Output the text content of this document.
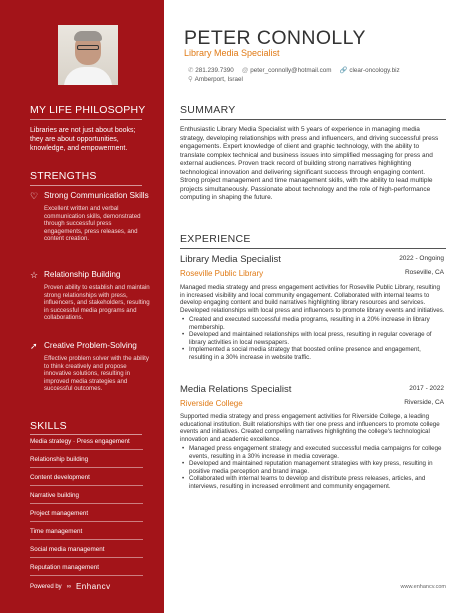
MY LIFE PHILOSOPHY
Libraries are not just about books; they are about opportunities, knowledge, and empowerment.
STRENGTHS
♡ Strong Communication Skills
Excellent written and verbal communication skills, demonstrated through successful press engagements, press releases, and content creation.
☆ Relationship Building
Proven ability to establish and maintain strong relationships with press, influencers, and stakeholders, resulting in successful media programs and collaborations.
➚ Creative Problem-Solving
Effective problem solver with the ability to think creatively and propose innovative solutions, resulting in improved media strategies and successful outcomes.
SKILLS
Media strategy · Press engagement
Relationship building
Content development
Narrative building
Project management
Time management
Social media management
Reputation management
Powered by ∞ Enhancv
PETER CONNOLLY
Library Media Specialist
✆ 281.239.7390 @ peter_connolly@hotmail.com 🔗 clear-oncology.biz
⚲ Amberport, Israel
SUMMARY
Enthusiastic Library Media Specialist with 5 years of experience in managing media strategy, developing relationships with press and influencers, and driving successful press engagements. Expert knowledge of client and graphic technology, with the ability to translate complex technical and business issues into simplified messaging for press and external audiences. Proven track record of building strong narratives highlighting technological innovation and delivering significant success through engaging content. Strong project management and time management skills, with the ability to lead multiple projects simultaneously. Passionate about technology and the role of high-performance computing in shaping the future.
EXPERIENCE
Library Media Specialist	2022 - Ongoing
Roseville Public Library	Roseville, CA
Managed media strategy and press engagement activities for Roseville Public Library, resulting in increased visibility and local community engagement. Collaborated with internal teams to develop engaging content and build narratives highlighting library resources and services. Developed relationships with local press and influencers to promote library events and initiatives.
• Created and executed successful media programs, resulting in a 20% increase in library membership.
• Developed and maintained relationships with local press, resulting in regular coverage of library activities in local newspapers.
• Implemented a social media strategy that boosted online presence and engagement, resulting in a 30% increase in website traffic.
Media Relations Specialist	2017 - 2022
Riverside College	Riverside, CA
Supported media strategy and press engagement activities for Riverside College, a leading educational institution. Built relationships with tier one press and influencers to promote college events and initiatives. Created compelling narratives highlighting the college's technological innovation and academic excellence.
• Managed press engagement strategy and executed successful media campaigns for college events, resulting in a 30% increase in media coverage.
• Developed and maintained reputation management strategies with key press, resulting in positive media perception and brand image.
• Collaborated with internal teams to develop and distribute press releases, articles, and interviews, resulting in increased enrollment and community engagement.
www.enhancv.com
